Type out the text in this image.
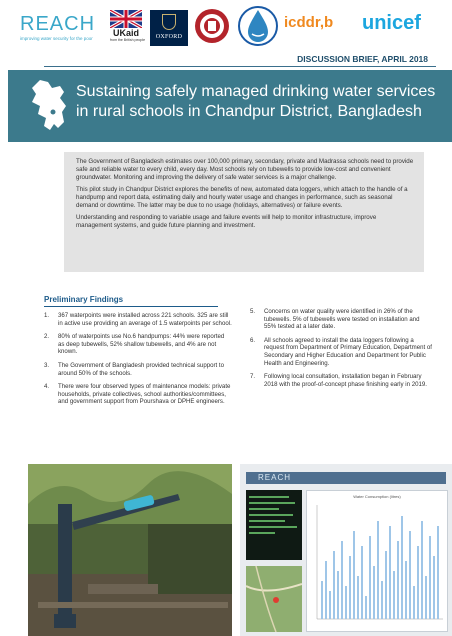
REACH
improving water security for the poor
UKaid
from the British people	OXFORD
icddr,b unicef
DISCUSSION BRIEF, APRIL 2018
Sustaining safely managed drinking water services
in rural schools in Chandpur District, Bangladesh

The Government of Bangladesh estimates over 100,000 primary, secondary, private and Madrassa schools need to provide safe and reliable water to every child, every day. Most schools rely on tubewells to provide low-cost and convenient groundwater. Monitoring and improving the delivery of safe water services is a major challenge.

This pilot study in Chandpur District explores the benefits of new, automated data loggers, which attach to the handle of a handpump and report data, estimating daily and hourly water usage and changes in performance, such as seasonal demand or downtime. The latter may be due to no usage (holidays, alternatives) or failure events.

Understanding and responding to variable usage and failure events will help to monitor infrastructure, improve management systems, and guide future planning and investment.

Preliminary Findings
1. 367 waterpoints were installed across 221 schools. 325 are still in active use providing an average of 1.5 waterpoints per school.
2. 80% of waterpoints use No.6 handpumps: 44% were reported as deep tubewells, 52% shallow tubewells, and 4% are not known.
3. The Government of Bangladesh provided technical support to around 50% of the schools.
4. There were four observed types of maintenance models: private households, private collectives, school authorities/committees, and government support from Pourshava or DPHE engineers.
5. Concerns on water quality were identified in 26% of the tubewells. 5% of tubewells were tested on installation and 55% tested at a later date.
6. All schools agreed to install the data loggers following a request from Department of Primary Education, Department of Secondary and Higher Education and Department for Public Health and Engineering.
7. Following local consultation, installation began in February 2018 with the proof-of-concept phase finishing early in 2019.
REACH
Water Consumption (litres)
